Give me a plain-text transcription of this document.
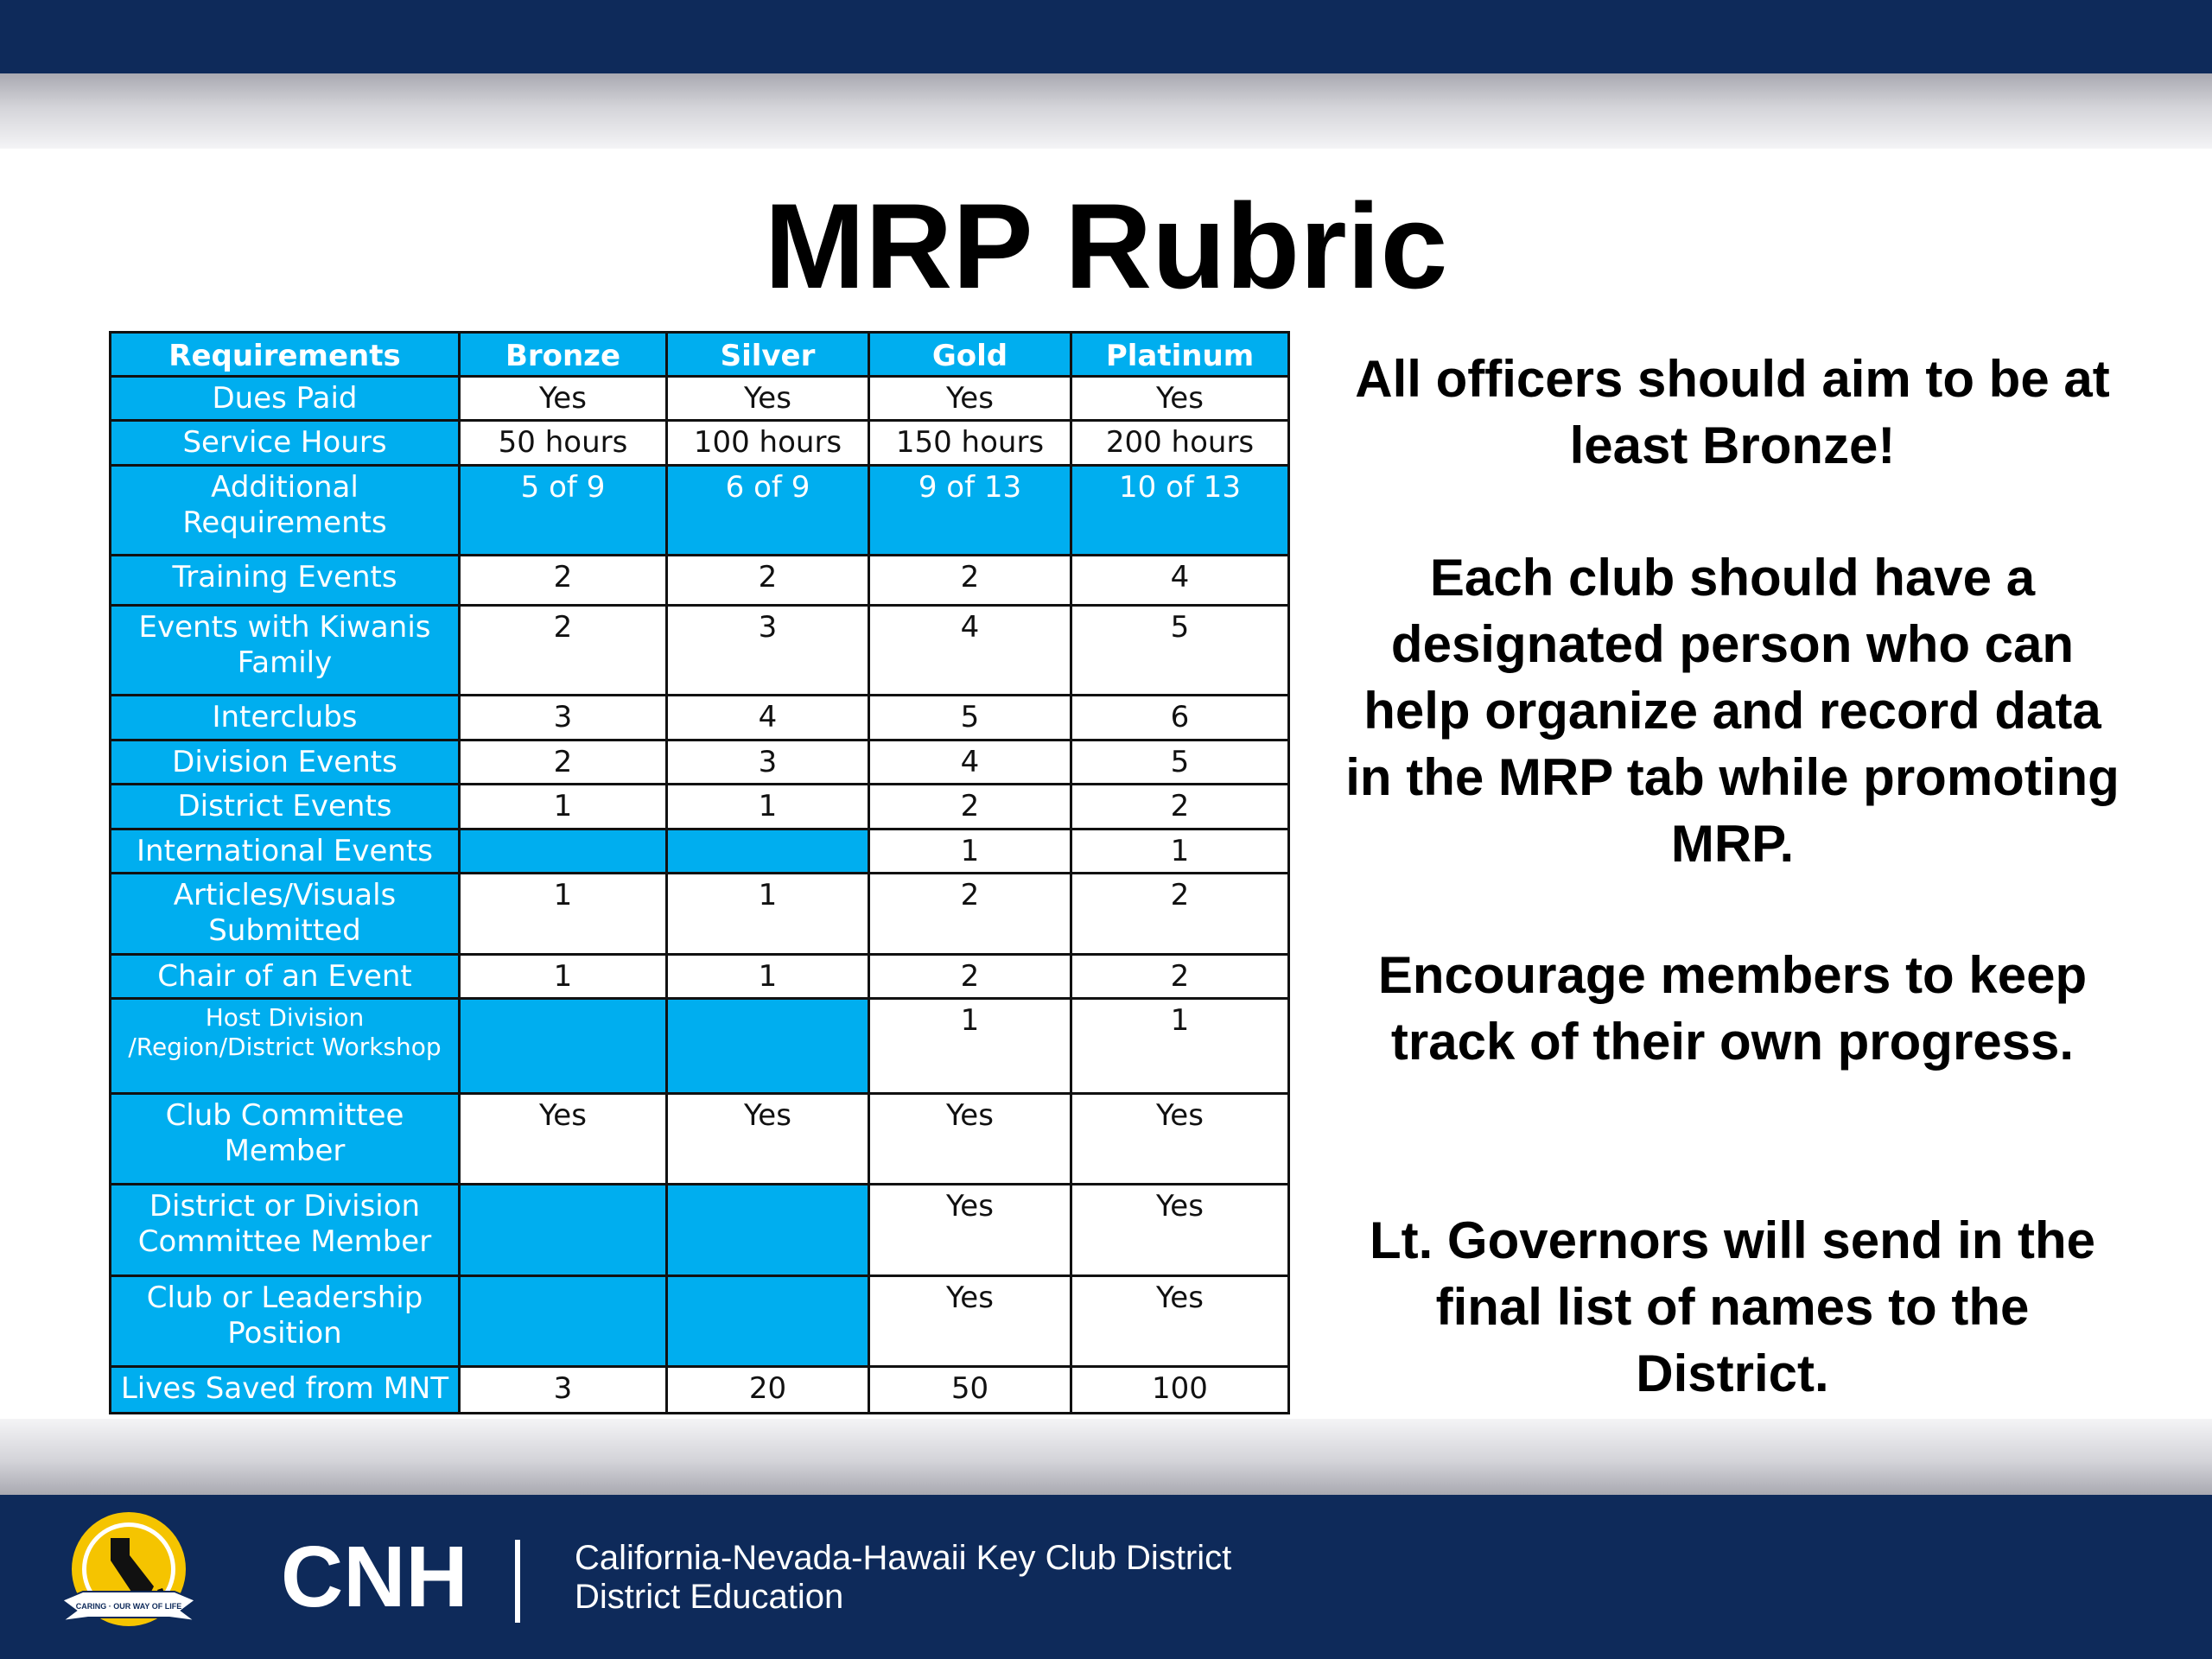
MRP Rubric
Requirements	Bronze	Silver	Gold	Platinum
Dues Paid	Yes	Yes	Yes	Yes
Service Hours	50 hours	100 hours	150 hours	200 hours
Additional Requirements	5 of 9	6 of 9	9 of 13	10 of 13
Training Events	2	2	2	4
Events with Kiwanis Family	2	3	4	5
Interclubs	3	4	5	6
Division Events	2	3	4	5
District Events	1	1	2	2
International Events			1	1
Articles/Visuals Submitted	1	1	2	2
Chair of an Event	1	1	2	2
Host Division /Region/District Workshop			1	1
Club Committee Member	Yes	Yes	Yes	Yes
District or Division Committee Member			Yes	Yes
Club or Leadership Position			Yes	Yes
Lives Saved from MNT	3	20	50	100
All officers should aim to be at least Bronze!
Each club should have a designated person who can help organize and record data in the MRP tab while promoting MRP.
Encourage members to keep track of their own progress.
Lt. Governors will send in the final list of names to the District.
CARING · OUR WAY OF LIFE CNH	California-Nevada-Hawaii Key Club District
District Education
